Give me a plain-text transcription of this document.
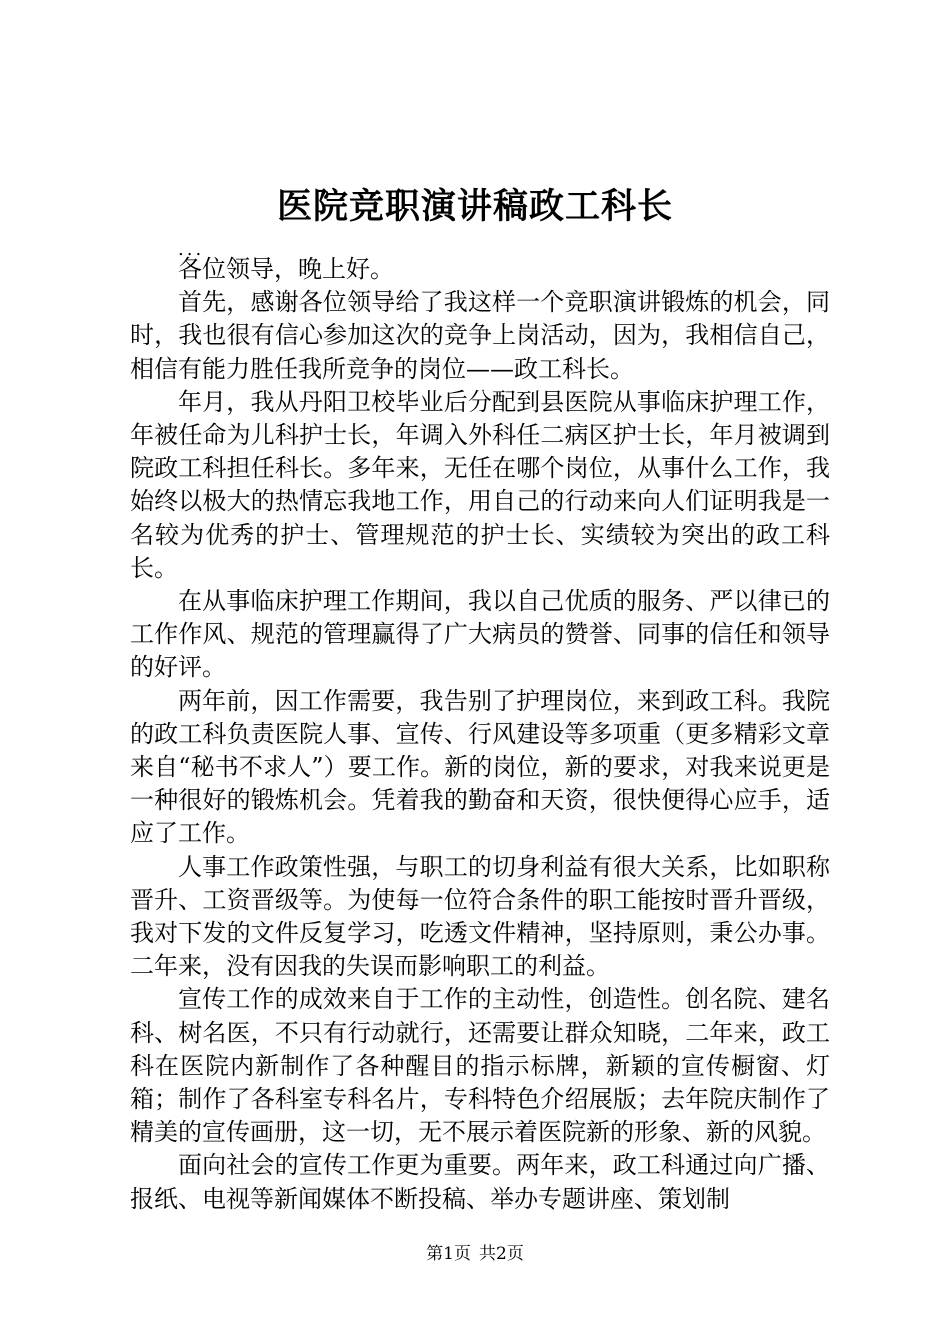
医院竞职演讲稿政工科长
...

各位领导，晚上好。

首先，感谢各位领导给了我这样一个竞职演讲锻炼的机会，同时，我也很有信心参加这次的竞争上岗活动，因为，我相信自己，相信有能力胜任我所竞争的岗位——政工科长。

年月，我从丹阳卫校毕业后分配到县医院从事临床护理工作，年被任命为儿科护士长，年调入外科任二病区护士长，年月被调到院政工科担任科长。多年来，无任在哪个岗位，从事什么工作，我始终以极大的热情忘我地工作，用自己的行动来向人们证明我是一名较为优秀的护士、管理规范的护士长、实绩较为突出的政工科长。

在从事临床护理工作期间，我以自己优质的服务、严以律已的工作作风、规范的管理赢得了广大病员的赞誉、同事的信任和领导的好评。

两年前，因工作需要，我告别了护理岗位，来到政工科。我院的政工科负责医院人事、宣传、行风建设等多项重（更多精彩文章来自“秘书不求人”）要工作。新的岗位，新的要求，对我来说更是一种很好的锻炼机会。凭着我的勤奋和天资，很快便得心应手，适应了工作。

人事工作政策性强，与职工的切身利益有很大关系，比如职称晋升、工资晋级等。为使每一位符合条件的职工能按时晋升晋级，我对下发的文件反复学习，吃透文件精神，坚持原则，秉公办事。二年来，没有因我的失误而影响职工的利益。

宣传工作的成效来自于工作的主动性，创造性。创名院、建名科、树名医，不只有行动就行，还需要让群众知晓，二年来，政工科在医院内新制作了各种醒目的指示标牌，新颖的宣传橱窗、灯箱；制作了各科室专科名片，专科特色介绍展版；去年院庆制作了精美的宣传画册，这一切，无不展示着医院新的形象、新的风貌。

面向社会的宣传工作更为重要。两年来，政工科通过向广播、报纸、电视等新闻媒体不断投稿、举办专题讲座、策划制

第1页 共2页
